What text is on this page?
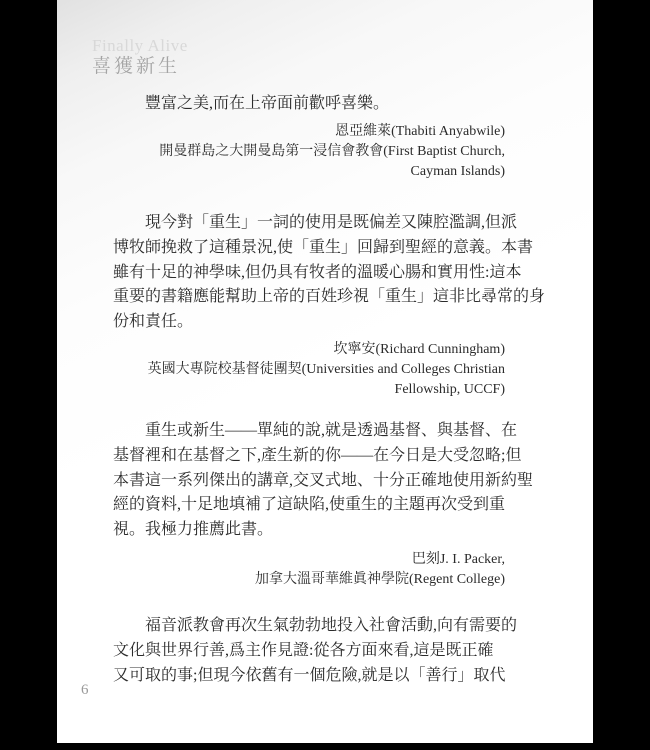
Finally Alive
喜獲新生
豐富之美,而在上帝面前歡呼喜樂。
恩亞維萊(Thabiti Anyabwile)
開曼群島之大開曼島第一浸信會教會(First Baptist Church,
Cayman Islands)
現今對「重生」一詞的使用是既偏差又陳腔濫調,但派
博牧師挽救了這種景況,使「重生」回歸到聖經的意義。本書
雖有十足的神學味,但仍具有牧者的溫暖心腸和實用性:這本
重要的書籍應能幫助上帝的百姓珍視「重生」這非比尋常的身
份和責任。
坎寧安(Richard Cunningham)
英國大專院校基督徒團契(Universities and Colleges Christian
Fellowship, UCCF)
重生或新生——單純的說,就是透過基督、與基督、在
基督裡和在基督之下,產生新的你——在今日是大受忽略;但
本書這一系列傑出的講章,交叉式地、十分正確地使用新約聖
經的資料,十足地填補了這缺陷,使重生的主題再次受到重
視。我極力推薦此書。
巴刻J. I. Packer,
加拿大溫哥華維眞神學院(Regent College)
福音派教會再次生氣勃勃地投入社會活動,向有需要的
文化與世界行善,爲主作見證:從各方面來看,這是既正確
又可取的事;但現今依舊有一個危險,就是以「善行」取代
6
